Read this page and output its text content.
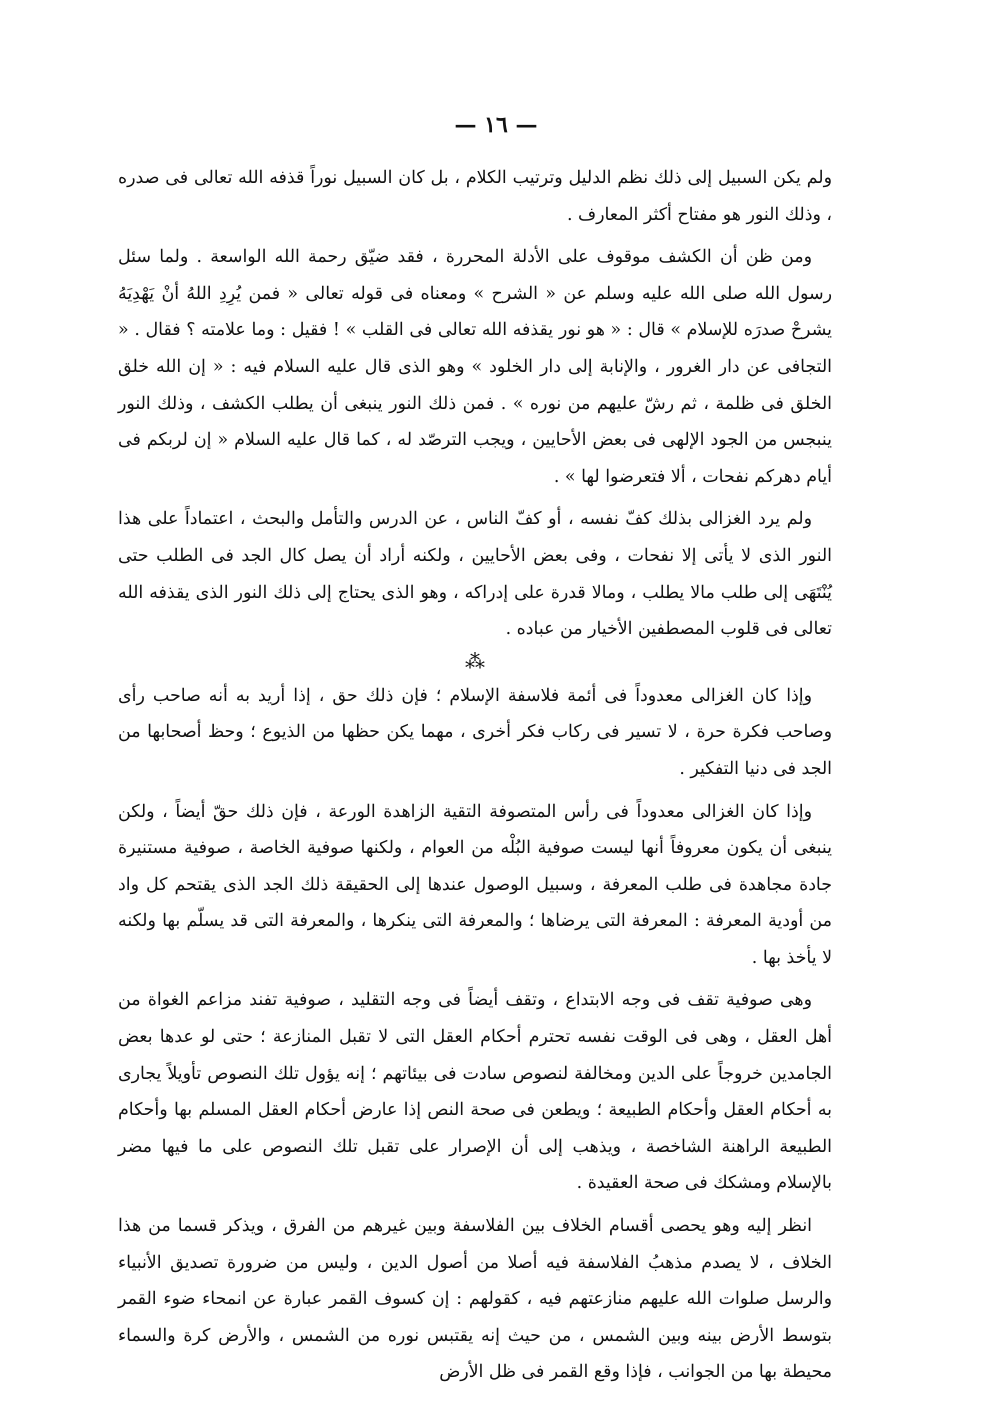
— ١٦ —

ولم يكن السبيل إلى ذلك نظم الدليل وترتيب الكلام ، بل كان السبيل نوراً قذفه الله تعالى فى صدره ، وذلك النور هو مفتاح أكثر المعارف .

ومن ظن أن الكشف موقوف على الأدلة المحررة ، فقد ضيّق رحمة الله الواسعة . ولما سئل رسول الله صلى الله عليه وسلم عن « الشرح » ومعناه فى قوله تعالى « فمن يُرِدِ اللهُ أنْ يَهْدِيَهُ يشرحْ صدرَه للإسلام » قال : « هو نور يقذفه الله تعالى فى القلب » ! فقيل : وما علامته ؟ فقال . « التجافى عن دار الغرور ، والإنابة إلى دار الخلود » وهو الذى قال عليه السلام فيه : « إن الله خلق الخلق فى ظلمة ، ثم رشّ عليهم من نوره » . فمن ذلك النور ينبغى أن يطلب الكشف ، وذلك النور ينبجس من الجود الإلهى فى بعض الأحايين ، ويجب الترصّد له ، كما قال عليه السلام « إن لربكم فى أيام دهركم نفحات ، ألا فتعرضوا لها » .

ولم يرد الغزالى بذلك كفّ نفسه ، أو كفّ الناس ، عن الدرس والتأمل والبحث ، اعتماداً على هذا النور الذى لا يأتى إلا نفحات ، وفى بعض الأحايين ، ولكنه أراد أن يصل كال الجد فى الطلب حتى يُنْتَهَى إلى طلب مالا يطلب ، ومالا قدرة على إدراكه ، وهو الذى يحتاج إلى ذلك النور الذى يقذفه الله تعالى فى قلوب المصطفين الأخيار من عباده .

⁂

وإذا كان الغزالى معدوداً فى أئمة فلاسفة الإسلام ؛ فإن ذلك حق ، إذا أريد به أنه صاحب رأى وصاحب فكرة حرة ، لا تسير فى ركاب فكر أخرى ، مهما يكن حظها من الذيوع ؛ وحظ أصحابها من الجد فى دنيا التفكير .

وإذا كان الغزالى معدوداً فى رأس المتصوفة التقية الزاهدة الورعة ، فإن ذلك حقّ أيضاً ، ولكن ينبغى أن يكون معروفاً أنها ليست صوفية البُلْه من العوام ، ولكنها صوفية الخاصة ، صوفية مستنيرة جادة مجاهدة فى طلب المعرفة ، وسبيل الوصول عندها إلى الحقيقة ذلك الجد الذى يقتحم كل واد من أودية المعرفة : المعرفة التى يرضاها ؛ والمعرفة التى ينكرها ، والمعرفة التى قد يسلّم بها ولكنه لا يأخذ بها .

وهى صوفية تقف فى وجه الابتداع ، وتقف أيضاً فى وجه التقليد ، صوفية تفند مزاعم الغواة من أهل العقل ، وهى فى الوقت نفسه تحترم أحكام العقل التى لا تقبل المنازعة ؛ حتى لو عدها بعض الجامدين خروجاً على الدين ومخالفة لنصوص سادت فى بيئاتهم ؛ إنه يؤول تلك النصوص تأويلاً يجارى به أحكام العقل وأحكام الطبيعة ؛ ويطعن فى صحة النص إذا عارض أحكام العقل المسلم بها وأحكام الطبيعة الراهنة الشاخصة ، ويذهب إلى أن الإصرار على تقبل تلك النصوص على ما فيها مضر بالإسلام ومشكك فى صحة العقيدة .

انظر إليه وهو يحصى أقسام الخلاف بين الفلاسفة وبين غيرهم من الفرق ، ويذكر قسما من هذا الخلاف ، لا يصدم مذهبُ الفلاسفة فيه أصلا من أصول الدين ، وليس من ضرورة تصديق الأنبياء والرسل صلوات الله عليهم منازعتهم فيه ، كقولهم : إن كسوف القمر عبارة عن انمحاء ضوء القمر بتوسط الأرض بينه وبين الشمس ، من حيث إنه يقتبس نوره من الشمس ، والأرض كرة والسماء محيطة بها من الجوانب ، فإذا وقع القمر فى ظل الأرض
